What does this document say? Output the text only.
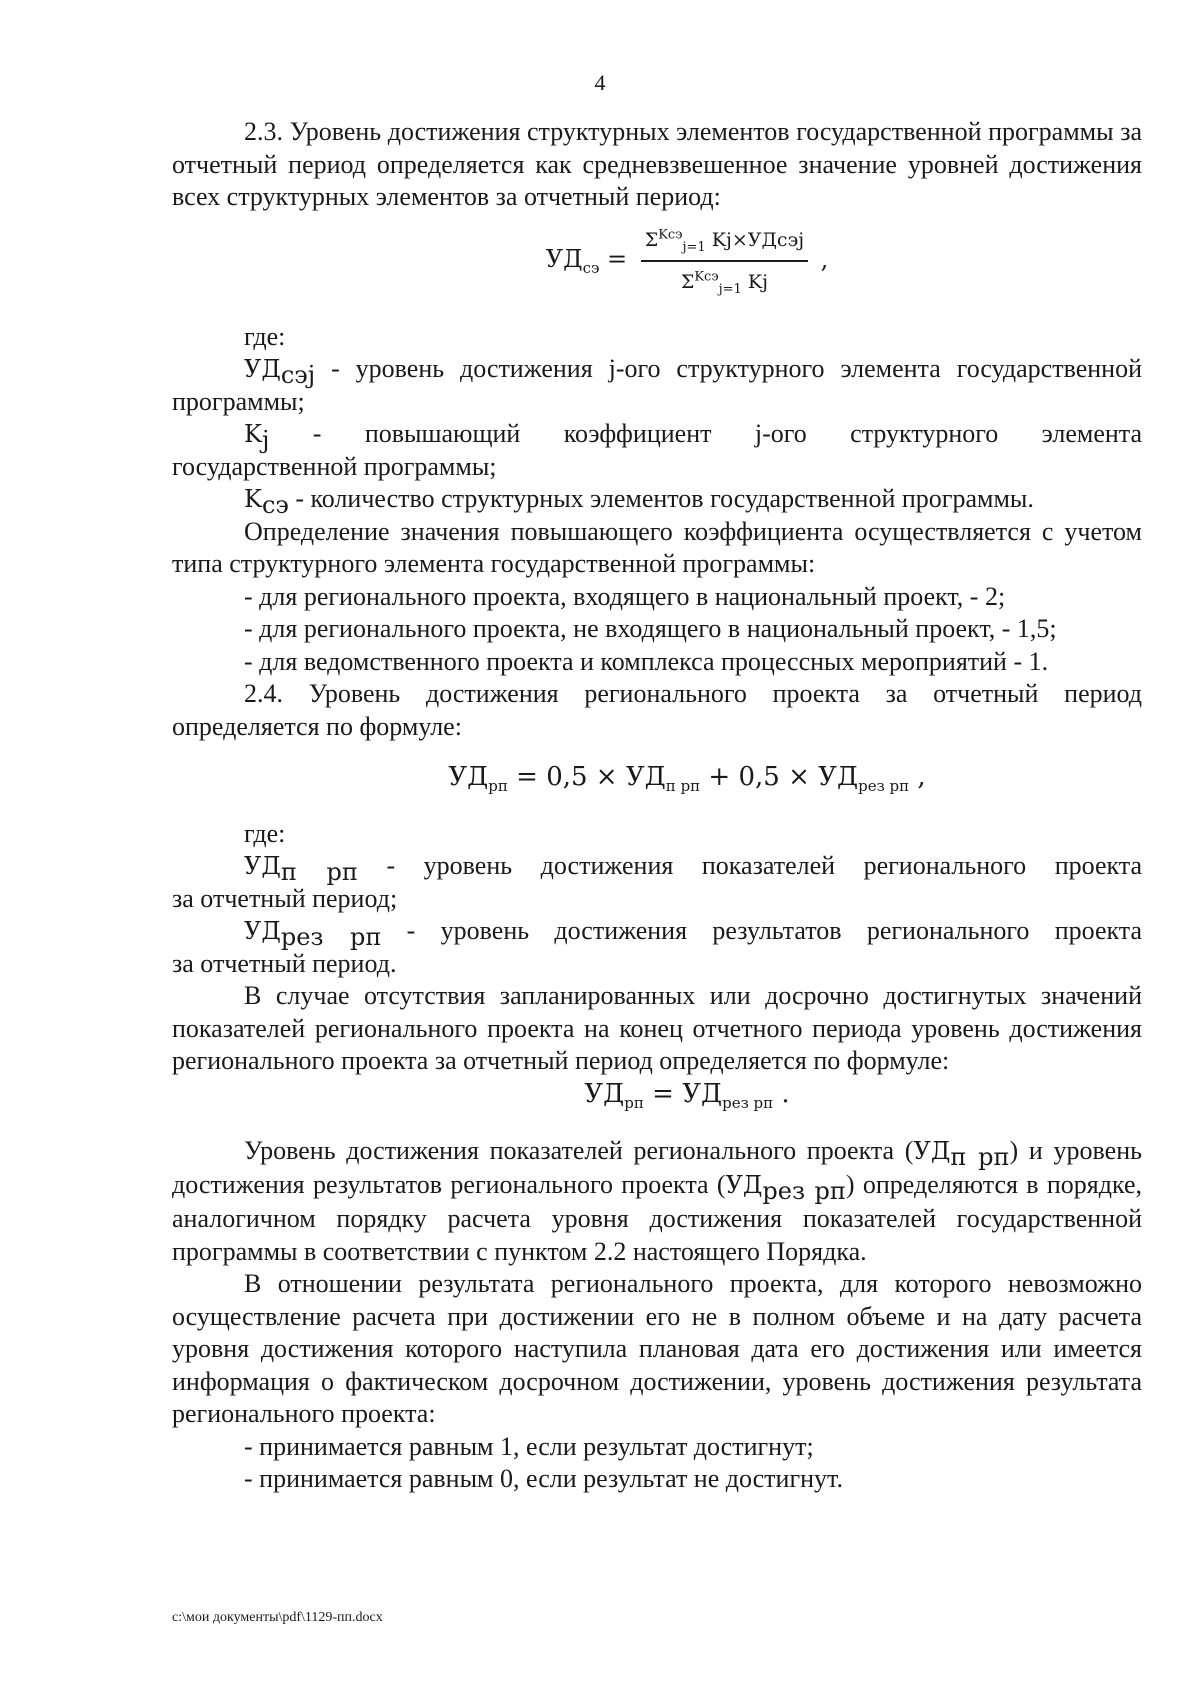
4

2.3. Уровень достижения структурных элементов государственной программы за отчетный период определяется как средневзвешенное значение уровней достижения всех структурных элементов за отчетный период:

$УД_{сэ} = \frac{\Sigma^{Kсэ}_{j=1} Kj\times УДсэj}{\Sigma^{Kсэ}_{j=1} Kj}$ ,

где:

$УД_{сэj}$ - уровень достижения j-ого структурного элемента государственной программы;

$K_j$ - повышающий коэффициент j-ого структурного элемента

государственной программы;

$K_{сэ}$ - количество структурных элементов государственной программы.

Определение значения повышающего коэффициента осуществляется с учетом типа структурного элемента государственной программы:

- для регионального проекта, входящего в национальный проект, - 2;

- для регионального проекта, не входящего в национальный проект, - 1,5;

- для ведомственного проекта и комплекса процессных мероприятий - 1.

2.4. Уровень достижения регионального проекта за отчетный период определяется по формуле:

$УД_{рп} = 0,5 \times УД_{п рп} + 0,5 \times УД_{рез рп}$ ,

где:

$УД_{п рп}$ - уровень достижения показателей регионального проекта

за отчетный период;

$УД_{рез рп}$ - уровень достижения результатов регионального проекта

за отчетный период.

В случае отсутствия запланированных или досрочно достигнутых значений показателей регионального проекта на конец отчетного периода уровень достижения регионального проекта за отчетный период определяется по формуле:

$УД_{рп} = УД_{рез рп}$ .

Уровень достижения показателей регионального проекта $(УД_{п рп})$ и уровень достижения результатов регионального проекта $(УД_{рез рп})$ определяются в порядке, аналогичном порядку расчета уровня достижения показателей государственной программы в соответствии с пунктом 2.2 настоящего Порядка.

В отношении результата регионального проекта, для которого невозможно осуществление расчета при достижении его не в полном объеме и на дату расчета уровня достижения которого наступила плановая дата его достижения или имеется информация о фактическом досрочном достижении, уровень достижения результата регионального проекта:

- принимается равным 1, если результат достигнут;

- принимается равным 0, если результат не достигнут.

c:\мои документы\pdf\1129-пп.docx
